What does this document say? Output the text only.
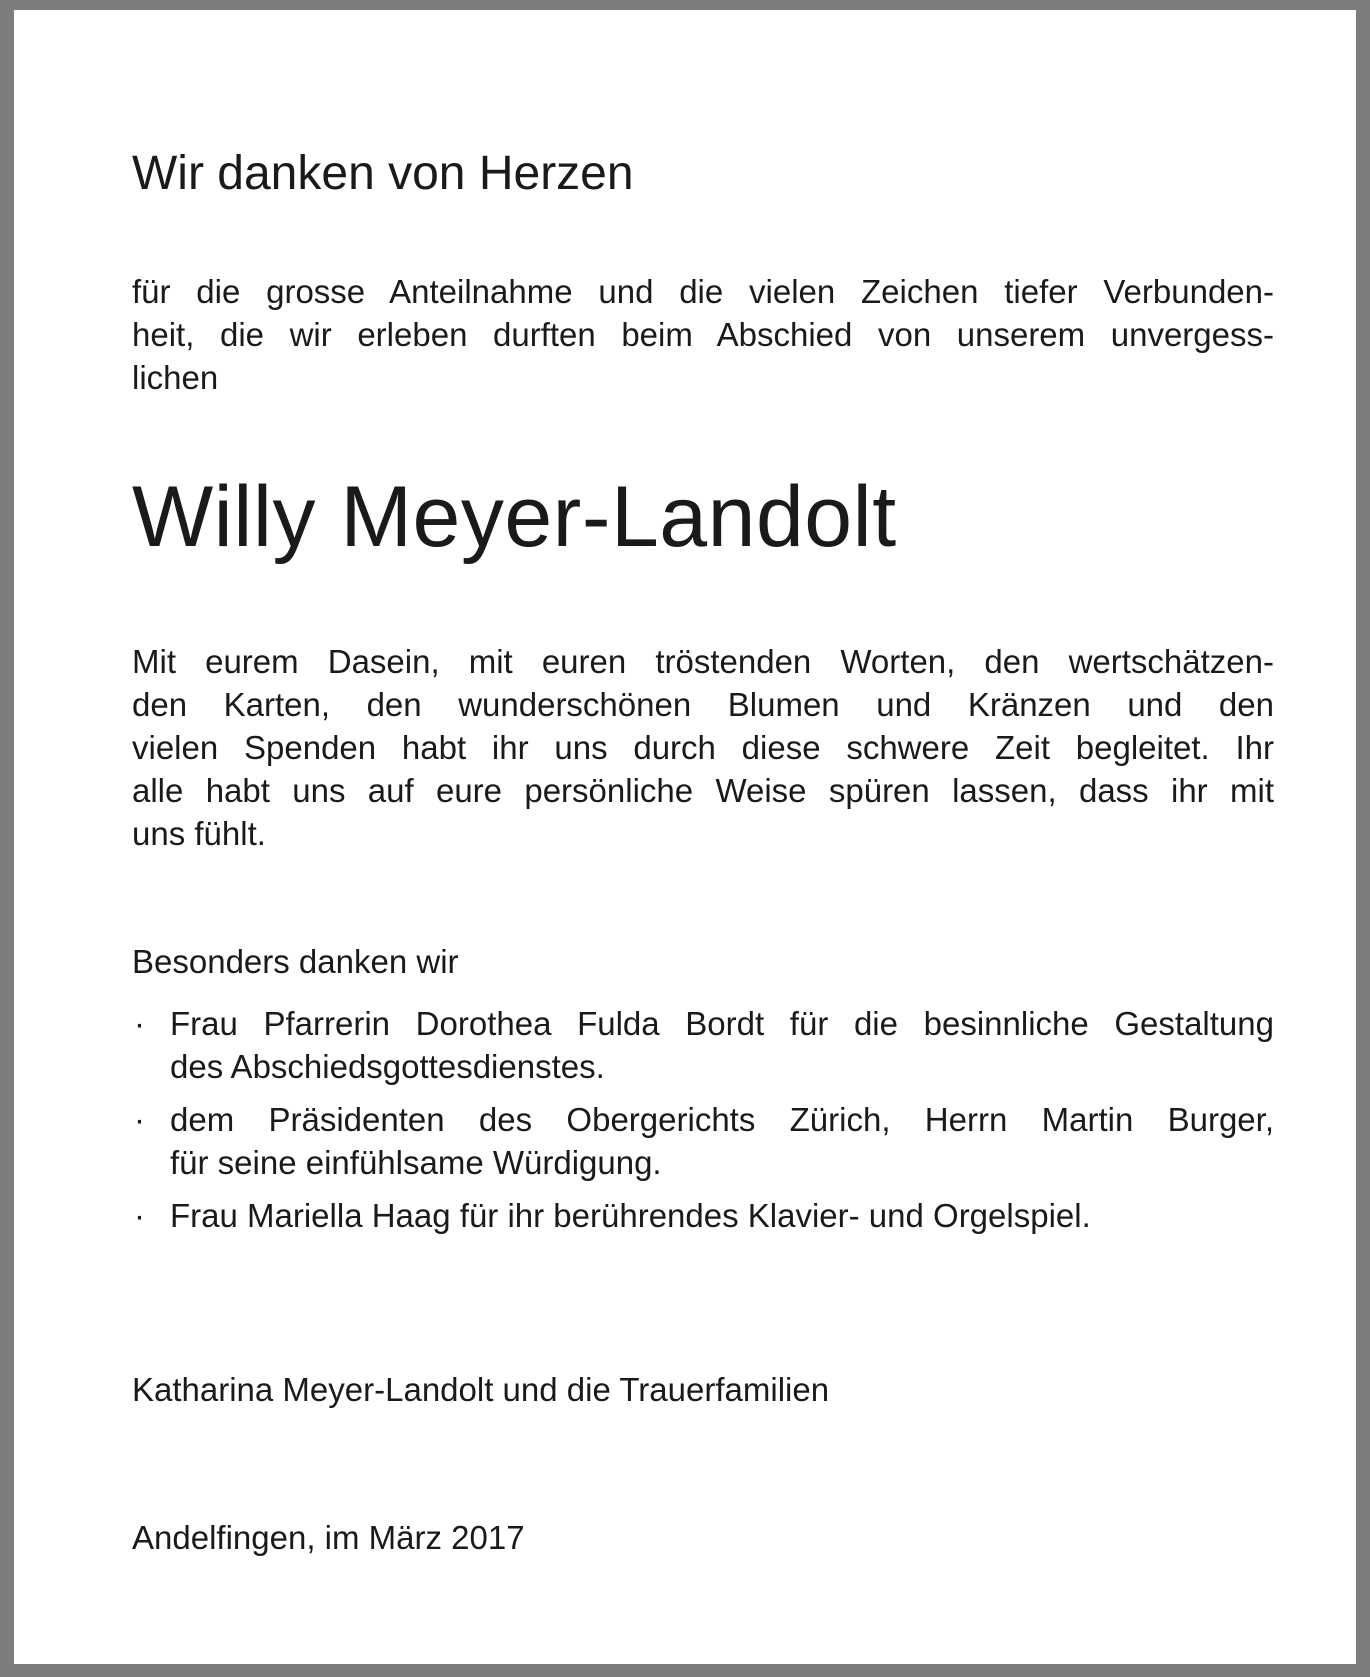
Wir danken von Herzen
für die grosse Anteilnahme und die vielen Zeichen tiefer Verbunden-
heit, die wir erleben durften beim Abschied von unserem unvergess-
lichen
Willy Meyer-Landolt
Mit eurem Dasein, mit euren tröstenden Worten, den wertschätzen-
den Karten, den wunderschönen Blumen und Kränzen und den
vielen Spenden habt ihr uns durch diese schwere Zeit begleitet. Ihr
alle habt uns auf eure persönliche Weise spüren lassen, dass ihr mit
uns fühlt.
Besonders danken wir
· Frau Pfarrerin Dorothea Fulda Bordt für die besinnliche Gestaltung
des Abschiedsgottesdienstes.
· dem Präsidenten des Obergerichts Zürich, Herrn Martin Burger,
für seine einfühlsame Würdigung.
· Frau Mariella Haag für ihr berührendes Klavier- und Orgelspiel.
Katharina Meyer-Landolt und die Trauerfamilien
Andelfingen, im März 2017
